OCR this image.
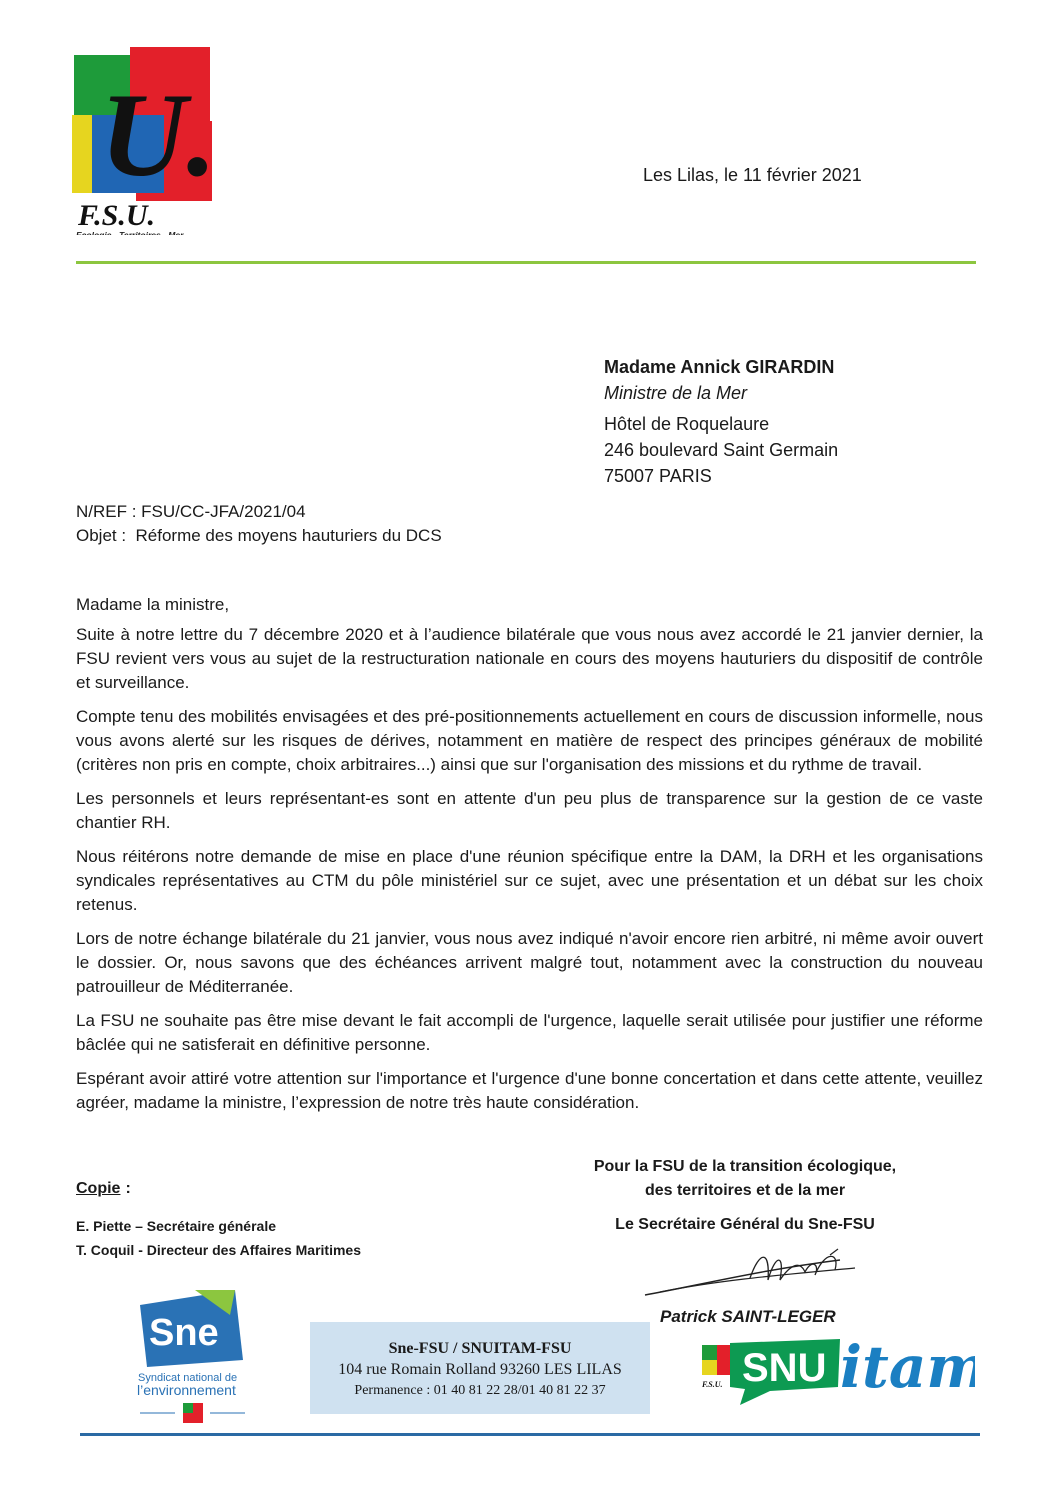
U.
F.S.U.
Ecologie - Territoires - Mer
Les Lilas, le 11 février 2021
Madame Annick GIRARDIN
Ministre de la Mer
Hôtel de Roquelaure
246 boulevard Saint Germain
75007 PARIS
N/REF : FSU/CC-JFA/2021/04
Objet :  Réforme des moyens hauturiers du DCS

Madame la ministre,

Suite à notre lettre du 7 décembre 2020 et à l’audience bilatérale que vous nous avez accordé le 21 janvier dernier, la FSU revient vers vous au sujet de la restructuration nationale en cours des moyens hauturiers du dispositif de contrôle et surveillance.

Compte tenu des mobilités envisagées et des pré-positionnements actuellement en cours de discussion informelle, nous vous avons alerté sur les risques de dérives, notamment en matière de respect des principes généraux de mobilité (critères non pris en compte, choix arbitraires...) ainsi que sur l'organisation des missions et du rythme de travail.

Les personnels et leurs représentant-es sont en attente d'un peu plus de transparence sur la gestion de ce vaste chantier RH.

Nous réitérons notre demande de mise en place d'une réunion spécifique entre la DAM, la DRH et les organisations syndicales représentatives au CTM du pôle ministériel sur ce sujet, avec une présentation et un débat sur les choix retenus.

Lors de notre échange bilatérale du 21 janvier, vous nous avez indiqué n'avoir encore rien arbitré, ni même avoir ouvert le dossier. Or, nous savons que des échéances arrivent malgré tout, notamment avec la construction du nouveau patrouilleur de Méditerranée.

La FSU ne souhaite pas être mise devant le fait accompli de l'urgence, laquelle serait utilisée pour justifier une réforme bâclée qui ne satisferait en définitive personne.

Espérant avoir attiré votre attention sur l'importance et l'urgence d'une bonne concertation et dans cette attente, veuillez agréer, madame la ministre, l’expression de notre très haute considération.

Pour la FSU de la transition écologique,
des territoires et de la mer
Le Secrétaire Général du Sne-FSU
Copie :
E. Piette – Secrétaire générale
T. Coquil - Directeur des Affaires Maritimes
Patrick SAINT-LEGER
Sne
Syndicat national de
l’environnement
Sne-FSU / SNUITAM-FSU
104 rue Romain Rolland 93260 LES LILAS
Permanence : 01 40 81 22 28/01 40 81 22 37	F.S.U. SNU itam
